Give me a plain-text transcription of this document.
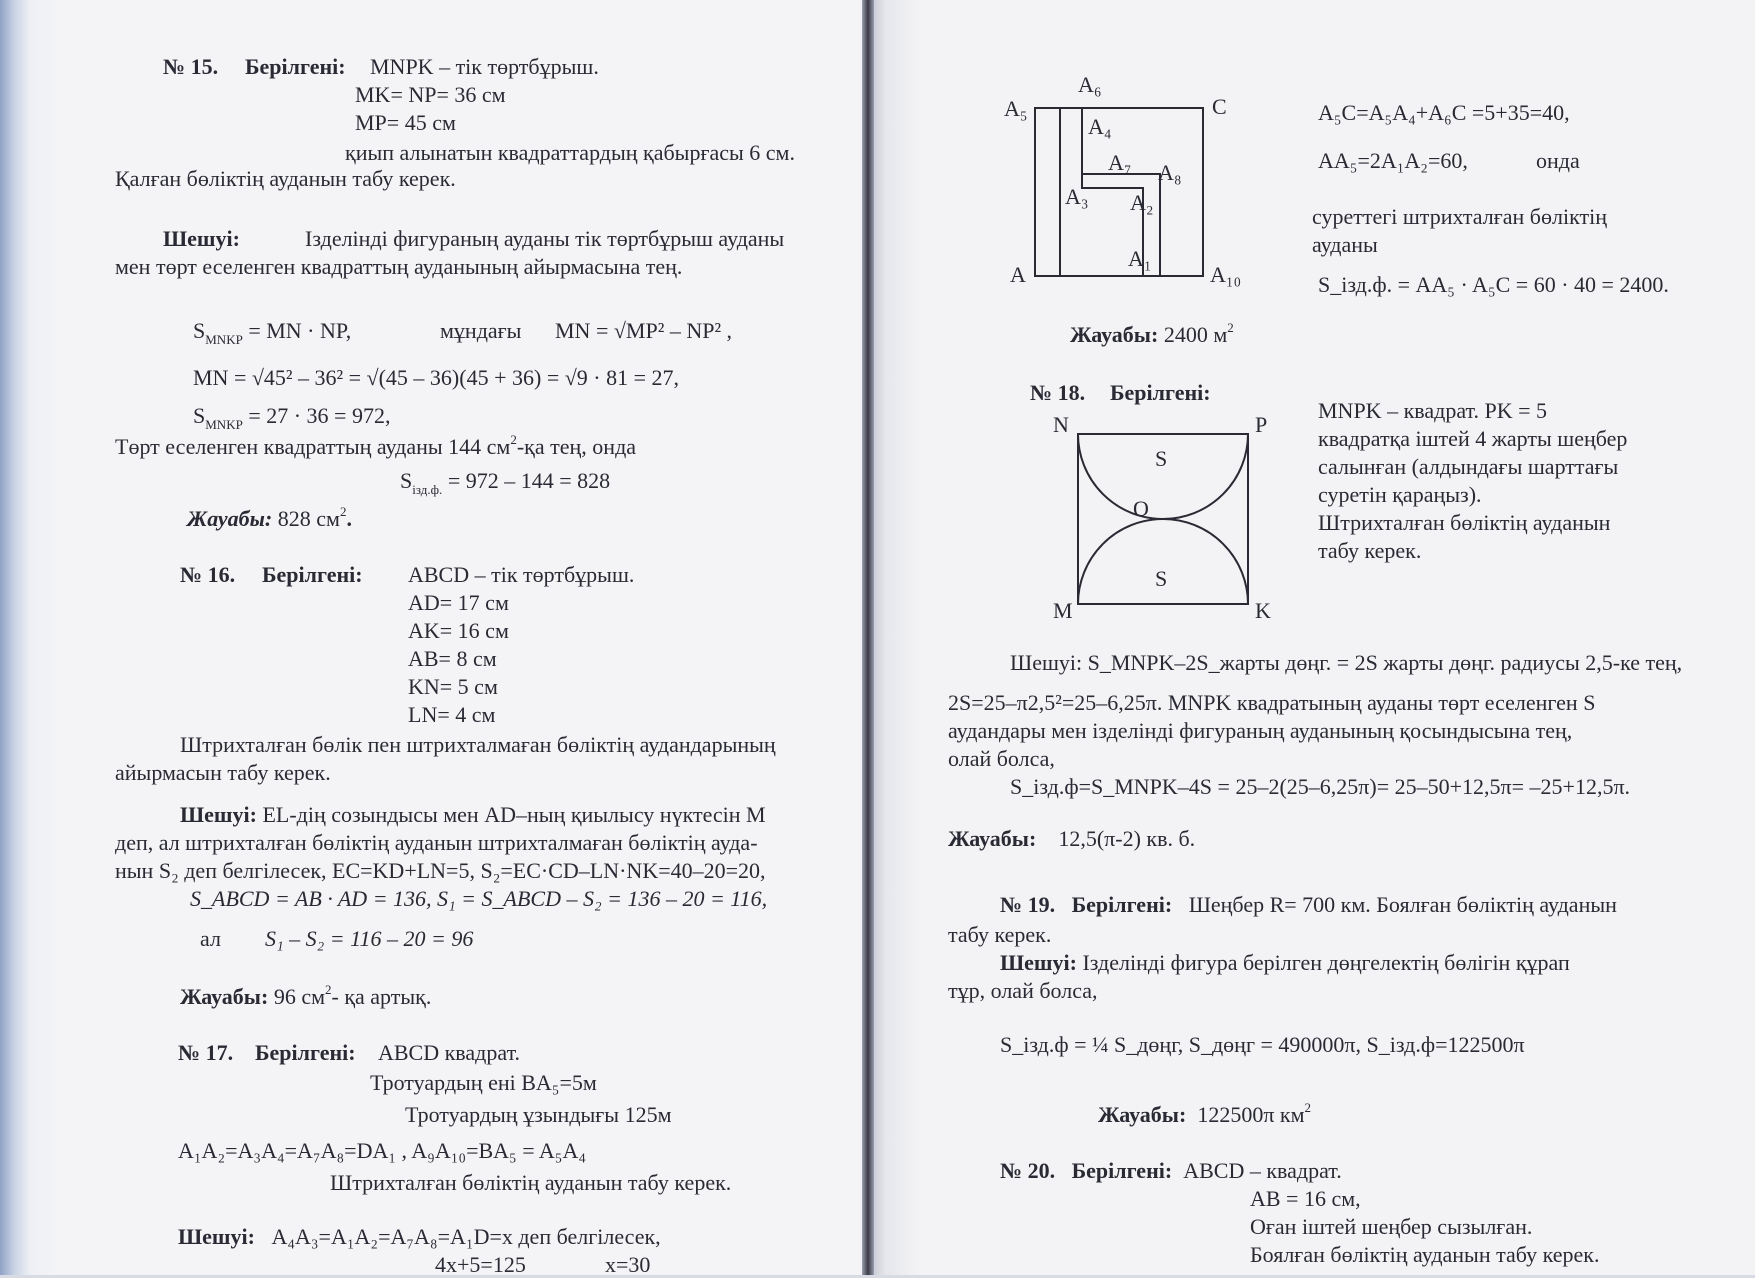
№ 15. Берілгені: MNPK – тік төртбұрыш.
MK= NP= 36 см
MP= 45 см
қиып алынатын квадраттардың қабырғасы 6 см.
Қалған бөліктің ауданын табу керек.
Шешуі:	Ізделінді фигураның ауданы тік төртбұрыш ауданы
мен төрт еселенген квадраттың ауданының айырмасына тең.
$S_{MNKP}$ = MN · NP,	мұндағы MN = √MP² – NP² ,
MN = √45² – 36² = √(45 – 36)(45 + 36) = √9 · 81 = 27,
$S_{MNKP} = 27 \cdot 36 = 972$,
Төрт еселенген квадраттың ауданы 144 $см^2-қа$ тең, онда
$S_{ізд.ф.} = 972 - 144 = 828$
Жауабы: 828 $см^2$.
№ 16. Берілгені: ABCD – тік төртбұрыш.
AD= 17 см
AK= 16 см
AB= 8 см
KN= 5 см
LN= 4 см
Штрихталған бөлік пен штрихталмаған бөліктің аудандарының
айырмасын табу керек.
Шешуі: EL-дің созындысы мен AD–ның қиылысу нүктесін M
деп, ал штрихталған бөліктің ауданын штрихталмаған бөліктің ауда-
нын S₂ деп белгілесек, EC=KD+LN=5, S₂=EC·CD–LN·NK=40–20=20,
S_ABCD = AB · AD = 136, S₁ = S_ABCD – S₂ = 136 – 20 = 116,
ал S₁ – S₂ = 116 – 20 = 96
Жауабы: 96 $см^2-$ қа артық.
№ 17. Берілгені: ABCD квадрат.
Тротуардың ені BA₅=5м
Тротуардың ұзындығы 125м
A₁A₂=A₃A₄=A₇A₈=DA₁ , A₉A₁₀=BA₅ = A₅A₄
Штрихталған бөліктің ауданын табу керек.
Шешуі: A₄A₃=A₁A₂=A₇A₈=A₁D=x деп белгілесек,
4x+5=125	x=30
A₅
A₆
C
A₄
A₇ A₈
A₃ A₂
A₁
A	A₁₀
A₅C=A₅A₄+A₆C =5+35=40,
AA₅=2A₁A₂=60,	онда
суреттегі штрихталған бөліктің
ауданы
S_ізд.ф. = AA₅ · A₅C = 60 · 40 = 2400.
Жауабы: 2400 $м^2$
№ 18. Берілгені:
N	P
M	K
S
S
O
MNPK – квадрат. PK = 5
квадратқа іштей 4 жарты шеңбер
салынған (алдындағы шарттағы
суретін қараңыз).
Штрихталған бөліктің ауданын
табу керек.
Шешуі: S_MNPK–2S_жарты дөңг. = 2S жарты дөңг. радиусы 2,5-ке тең,
2S=25–π2,5²=25–6,25π. MNPK квадратының ауданы төрт еселенген S
аудандары мен ізделінді фигураның ауданының қосындысына тең,
олай болса,
S_ізд.ф=S_MNPK–4S = 25–2(25–6,25π)= 25–50+12,5π= –25+12,5π.
Жауабы: 12,5(π-2) кв. б.
№ 19. Берілгені: Шеңбер R= 700 км. Боялған бөліктің ауданын
табу керек.
Шешуі: Ізделінді фигура берілген дөңгелектің бөлігін құрап
тұр, олай болса,
S_ізд.ф = ¼ S_дөңг, S_дөңг = 490000π, S_ізд.ф=122500π
Жауабы: 122500π $км^2$
№ 20. Берілгені: ABCD – квадрат.
AB = 16 см,
Оған іштей шеңбер сызылған.
Боялған бөліктің ауданын табу керек.
